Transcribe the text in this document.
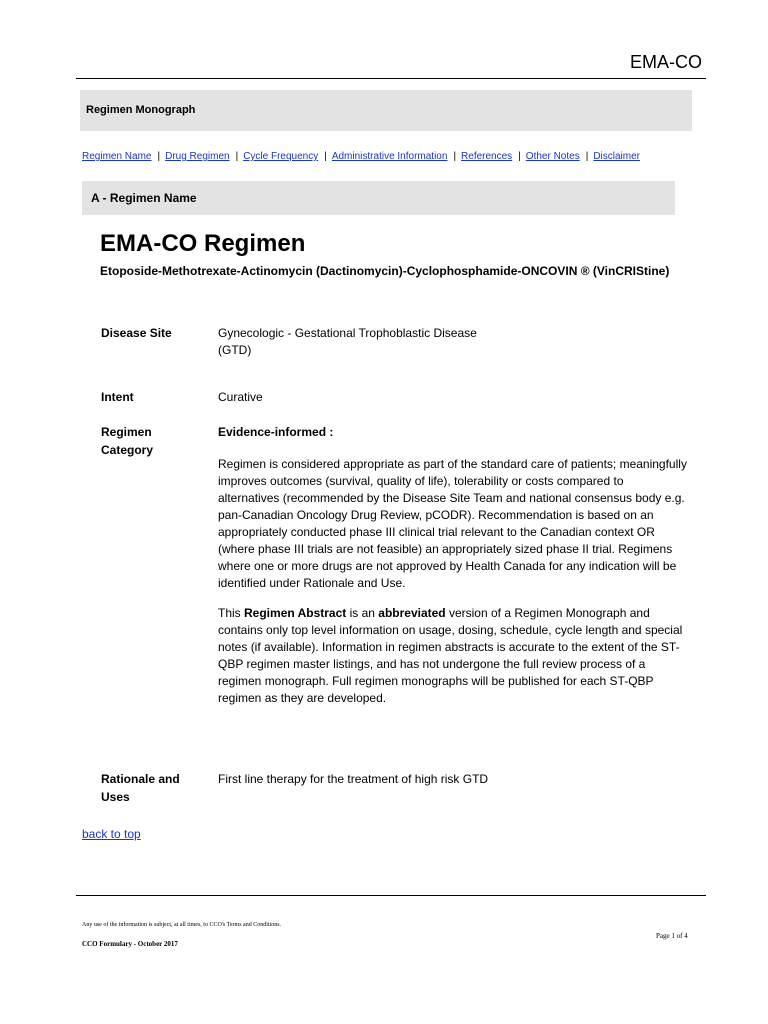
EMA-CO
Regimen Monograph
Regimen Name | Drug Regimen | Cycle Frequency | Administrative Information | References | Other Notes | Disclaimer
A - Regimen Name
EMA-CO Regimen
Etoposide-Methotrexate-Actinomycin (Dactinomycin)-Cyclophosphamide-ONCOVIN ® (VinCRIStine)
Disease Site	Gynecologic - Gestational Trophoblastic Disease

(GTD)

Intent	Curative
Regimen
Category

Evidence-informed :

Regimen is considered appropriate as part of the standard care of patients; meaningfully improves outcomes (survival, quality of life), tolerability or costs compared to alternatives (recommended by the Disease Site Team and national consensus body e.g. pan-Canadian Oncology Drug Review, pCODR). Recommendation is based on an appropriately conducted phase III clinical trial relevant to the Canadian context OR (where phase III trials are not feasible) an appropriately sized phase II trial. Regimens where one or more drugs are not approved by Health Canada for any indication will be identified under Rationale and Use.

This Regimen Abstract is an abbreviated version of a Regimen Monograph and contains only top level information on usage, dosing, schedule, cycle length and special notes (if available). Information in regimen abstracts is accurate to the extent of the ST-QBP regimen master listings, and has not undergone the full review process of a regimen monograph. Full regimen monographs will be published for each ST-QBP regimen as they are developed.

Rationale and
Uses
First line therapy for the treatment of high risk GTD
back to top
Any use of the information is subject, at all times, to CCO's Terms and Conditions.
CCO Formulary - October 2017
Page 1 of 4
